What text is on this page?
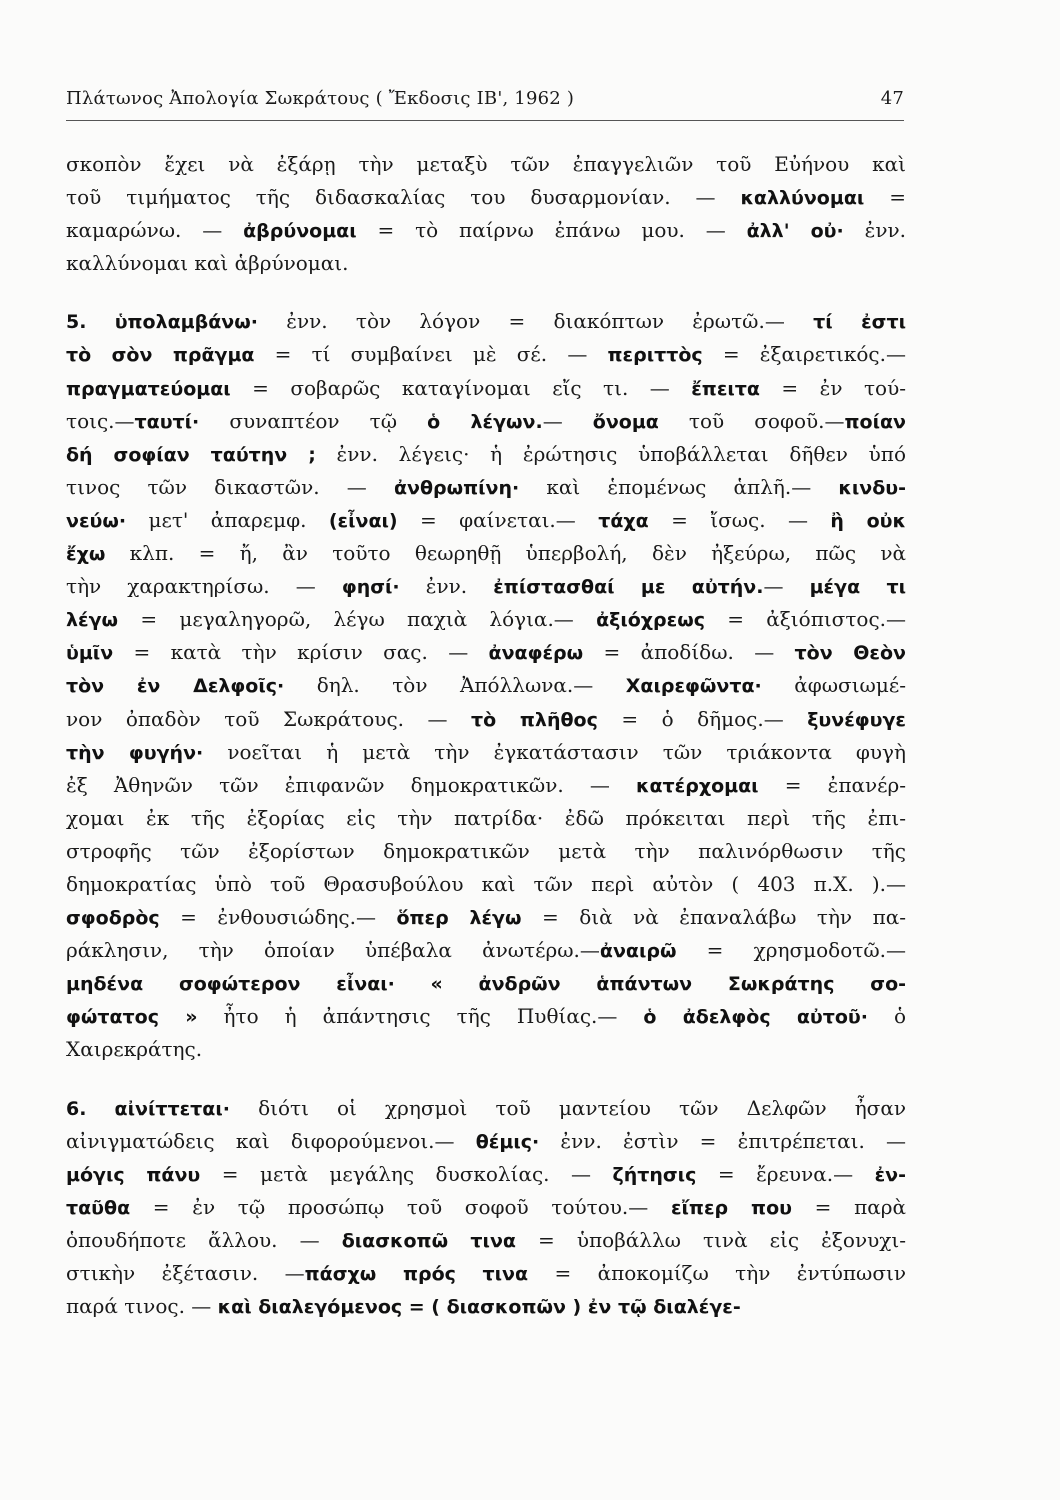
Πλάτωνος Ἀπολογία Σωκράτους ( Ἔκδοσις ΙΒ', 1962 )	47
σκοπὸν ἔχει νὰ ἐξάρῃ τὴν μεταξὺ τῶν ἐπαγγελιῶν τοῦ Εὐήνου καὶ
τοῦ τιμήματος τῆς διδασκαλίας του δυσαρμονίαν. — καλλύνομαι =
καμαρώνω. — ἀβρύνομαι = τὸ παίρνω ἐπάνω μου. — ἀλλ' οὐ· ἐνν.
καλλύνομαι καὶ ἁβρύνομαι.
5. ὑπολαμβάνω· ἐνν. τὸν λόγον = διακόπτων ἐρωτῶ.— τί ἐστι
τὸ σὸν πρᾶγμα = τί συμβαίνει μὲ σέ. — περιττὸς = ἐξαιρετικός.—
πραγματεύομαι = σοβαρῶς καταγίνομαι εἴς τι. — ἔπειτα = ἐν τού-
τοις.—ταυτί· συναπτέον τῷ ὁ λέγων.— ὄνομα τοῦ σοφοῦ.—ποίαν
δή σοφίαν ταύτην ; ἐνν. λέγεις· ἡ ἐρώτησις ὑποβάλλεται δῆθεν ὑπό
τινος τῶν δικαστῶν. — ἀνθρωπίνη· καὶ ἑπομένως ἁπλῆ.— κινδυ-
νεύω· μετ' ἀπαρεμφ. (εἶναι) = φαίνεται.— τάχα = ἴσως. — ἢ οὐκ
ἔχω κλπ. = ἤ, ἂν τοῦτο θεωρηθῇ ὑπερβολή, δὲν ἠξεύρω, πῶς νὰ
τὴν χαρακτηρίσω. — φησί· ἐνν. ἐπίστασθαί με αὐτήν.— μέγα τι
λέγω = μεγαληγορῶ, λέγω παχιὰ λόγια.— ἀξιόχρεως = ἀξιόπιστος.—
ὑμῖν = κατὰ τὴν κρίσιν σας. — ἀναφέρω = ἀποδίδω. — τὸν Θεὸν
τὸν ἐν Δελφοῖς· δηλ. τὸν Ἀπόλλωνα.— Χαιρεφῶντα· ἀφωσιωμέ-
νον ὀπαδὸν τοῦ Σωκράτους. — τὸ πλῆθος = ὁ δῆμος.— ξυνέφυγε
τὴν φυγήν· νοεῖται ἡ μετὰ τὴν ἐγκατάστασιν τῶν τριάκοντα φυγὴ
ἐξ Ἀθηνῶν τῶν ἐπιφανῶν δημοκρατικῶν. — κατέρχομαι = ἐπανέρ-
χομαι ἐκ τῆς ἐξορίας εἰς τὴν πατρίδα· ἐδῶ πρόκειται περὶ τῆς ἐπι-
στροφῆς τῶν ἐξορίστων δημοκρατικῶν μετὰ τὴν παλινόρθωσιν τῆς
δημοκρατίας ὑπὸ τοῦ Θρασυβούλου καὶ τῶν περὶ αὐτὸν ( 403 π.Χ. ).—
σφοδρὸς = ἐνθουσιώδης.— ὅπερ λέγω = διὰ νὰ ἐπαναλάβω τὴν πα-
ράκλησιν, τὴν ὁποίαν ὑπέβαλα ἀνωτέρω.—ἀναιρῶ = χρησμοδοτῶ.—
μηδένα σοφώτερον εἶναι· « ἀνδρῶν ἁπάντων Σωκράτης σο-
φώτατος » ἦτο ἡ ἀπάντησις τῆς Πυθίας.— ὁ ἀδελφὸς αὐτοῦ· ὁ
Χαιρεκράτης.
6. αἰνίττεται· διότι οἱ χρησμοὶ τοῦ μαντείου τῶν Δελφῶν ἦσαν
αἰνιγματώδεις καὶ διφορούμενοι.— θέμις· ἐνν. ἐστὶν = ἐπιτρέπεται. —
μόγις πάνυ = μετὰ μεγάλης δυσκολίας. — ζήτησις = ἔρευνα.— ἐν-
ταῦθα = ἐν τῷ προσώπῳ τοῦ σοφοῦ τούτου.— εἴπερ που = παρὰ
ὁπουδήποτε ἄλλου. — διασκοπῶ τινα = ὑποβάλλω τινὰ εἰς ἐξονυχι-
στικὴν ἐξέτασιν. —πάσχω πρός τινα = ἀποκομίζω τὴν ἐντύπωσιν
παρά τινος. — καὶ διαλεγόμενος = ( διασκοπῶν ) ἐν τῷ διαλέγε-
